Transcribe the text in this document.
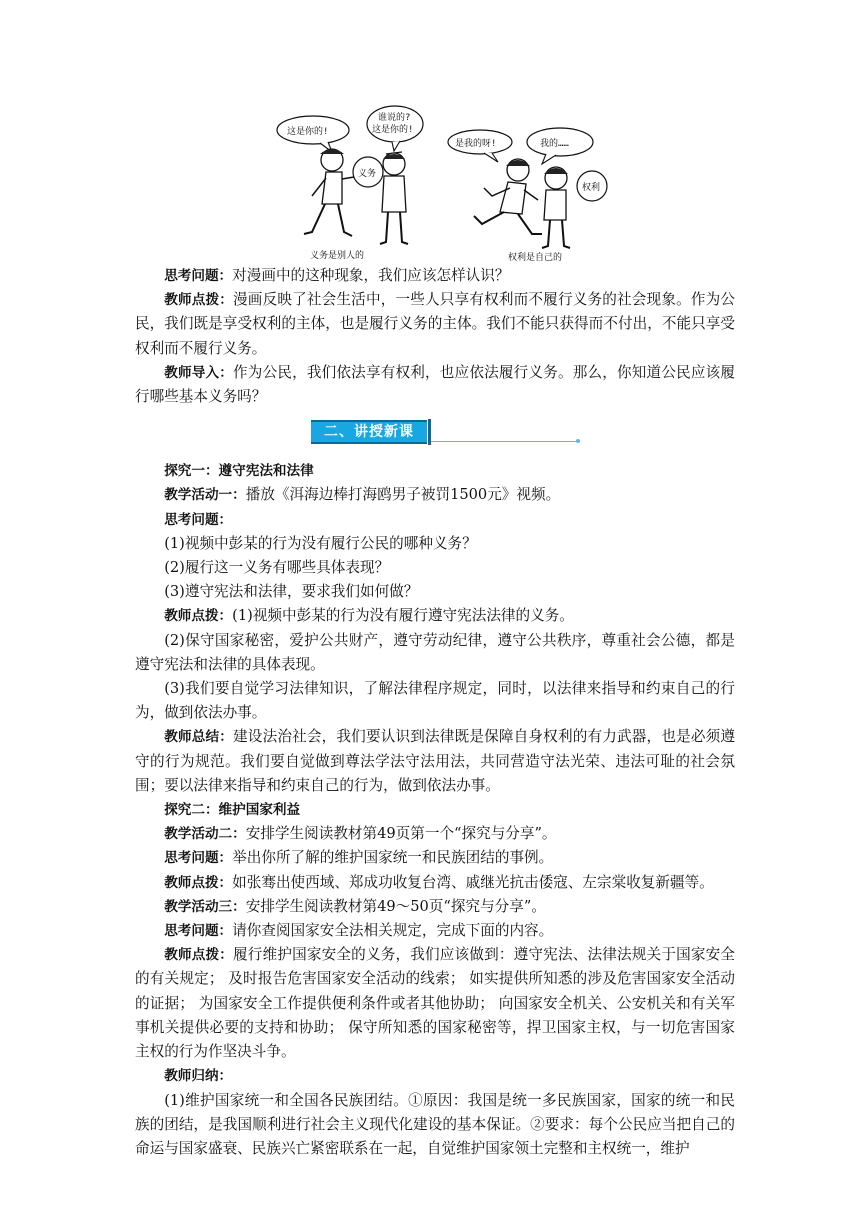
这是你的!
谁说的?
这是你的!
义务
是我的呀!	我的……
权利
义务是别人的	权利是自己的

思考问题：对漫画中的这种现象，我们应该怎样认识？

教师点拨：漫画反映了社会生活中，一些人只享有权利而不履行义务的社会现象。作为公民，我们既是享受权利的主体，也是履行义务的主体。我们不能只获得而不付出，不能只享受权利而不履行义务。

教师导入：作为公民，我们依法享有权利，也应依法履行义务。那么，你知道公民应该履行哪些基本义务吗？

二、讲授新课

探究一：遵守宪法和法律

教学活动一：播放《洱海边棒打海鸥男子被罚1500元》视频。

思考问题：

(1)视频中彭某的行为没有履行公民的哪种义务？

(2)履行这一义务有哪些具体表现？

(3)遵守宪法和法律，要求我们如何做？

教师点拨：(1)视频中彭某的行为没有履行遵守宪法法律的义务。

(2)保守国家秘密，爱护公共财产，遵守劳动纪律，遵守公共秩序，尊重社会公德，都是遵守宪法和法律的具体表现。

(3)我们要自觉学习法律知识，了解法律程序规定，同时，以法律来指导和约束自己的行为，做到依法办事。

教师总结：建设法治社会，我们要认识到法律既是保障自身权利的有力武器，也是必须遵守的行为规范。我们要自觉做到尊法学法守法用法，共同营造守法光荣、违法可耻的社会氛围；要以法律来指导和约束自己的行为，做到依法办事。

探究二：维护国家利益

教学活动二：安排学生阅读教材第49页第一个“探究与分享”。

思考问题：举出你所了解的维护国家统一和民族团结的事例。

教师点拨：如张骞出使西域、郑成功收复台湾、戚继光抗击倭寇、左宗棠收复新疆等。

教学活动三：安排学生阅读教材第49～50页“探究与分享”。

思考问题：请你查阅国家安全法相关规定，完成下面的内容。

教师点拨：履行维护国家安全的义务，我们应该做到：遵守宪法、法律法规关于国家安全的有关规定； 及时报告危害国家安全活动的线索； 如实提供所知悉的涉及危害国家安全活动的证据； 为国家安全工作提供便利条件或者其他协助； 向国家安全机关、公安机关和有关军事机关提供必要的支持和协助； 保守所知悉的国家秘密等，捍卫国家主权，与一切危害国家主权的行为作坚决斗争。

教师归纳：

(1)维护国家统一和全国各民族团结。①原因：我国是统一多民族国家，国家的统一和民族的团结，是我国顺利进行社会主义现代化建设的基本保证。②要求：每个公民应当把自己的命运与国家盛衰、民族兴亡紧密联系在一起，自觉维护国家领土完整和主权统一，维护
